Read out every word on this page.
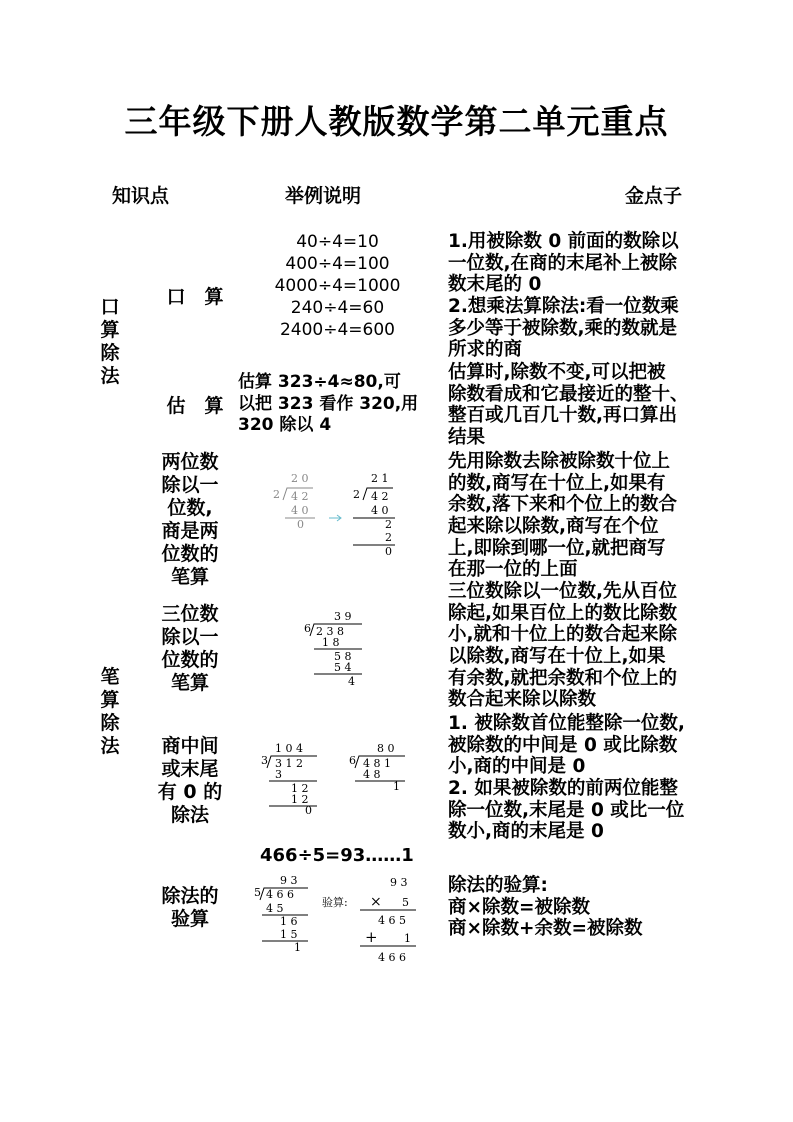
三年级下册人教版数学第二单元重点
知识点	举例说明	金点子
口算除法
笔算除法
口　算
40÷4=10
400÷4=100
4000÷4=1000
240÷4=60
2400÷4=600
1.用被除数 0 前面的数除以
一位数,在商的末尾补上被除
数末尾的 0
2.想乘法算除法:看一位数乘
多少等于被除数,乘的数就是
所求的商
估　算
估算 323÷4≈80,可
以把 323 看作 320,用
320 除以 4
估算时,除数不变,可以把被
除数看成和它最接近的整十、
整百或几百几十数,再口算出
结果
两位数
除以一
位数,
商是两
位数的
笔算
2 0
2 4 2
4 0
0
2 1
2 4 2
4 0
2
2
0
先用除数去除被除数十位上
的数,商写在十位上,如果有
余数,落下来和个位上的数合
起来除以除数,商写在个位
上,即除到哪一位,就把商写
在那一位的上面
三位数
除以一
位数的
笔算
3 9
6 2 3 8
1 8
5 8
5 4
4
三位数除以一位数,先从百位
除起,如果百位上的数比除数
小,就和十位上的数合起来除
以除数,商写在十位上,如果
有余数,就把余数和个位上的
数合起来除以除数
商中间
或末尾
有 0 的
除法
1 0 4
3 3 1 2
3
1 2
1 2
0
8 0
6 4 8 1
4 8
1
1. 被除数首位能整除一位数,
被除数的中间是 0 或比除数
小,商的中间是 0
2. 如果被除数的前两位能整
除一位数,末尾是 0 或比一位
数小,商的末尾是 0
466÷5=93……1
除法的
验算
9 3
5 4 6 6
4 5
1 6
1 5
1
验算:
9 3
× 5
4 6 5
+ 1
4 6 6
除法的验算:
商×除数=被除数
商×除数+余数=被除数
